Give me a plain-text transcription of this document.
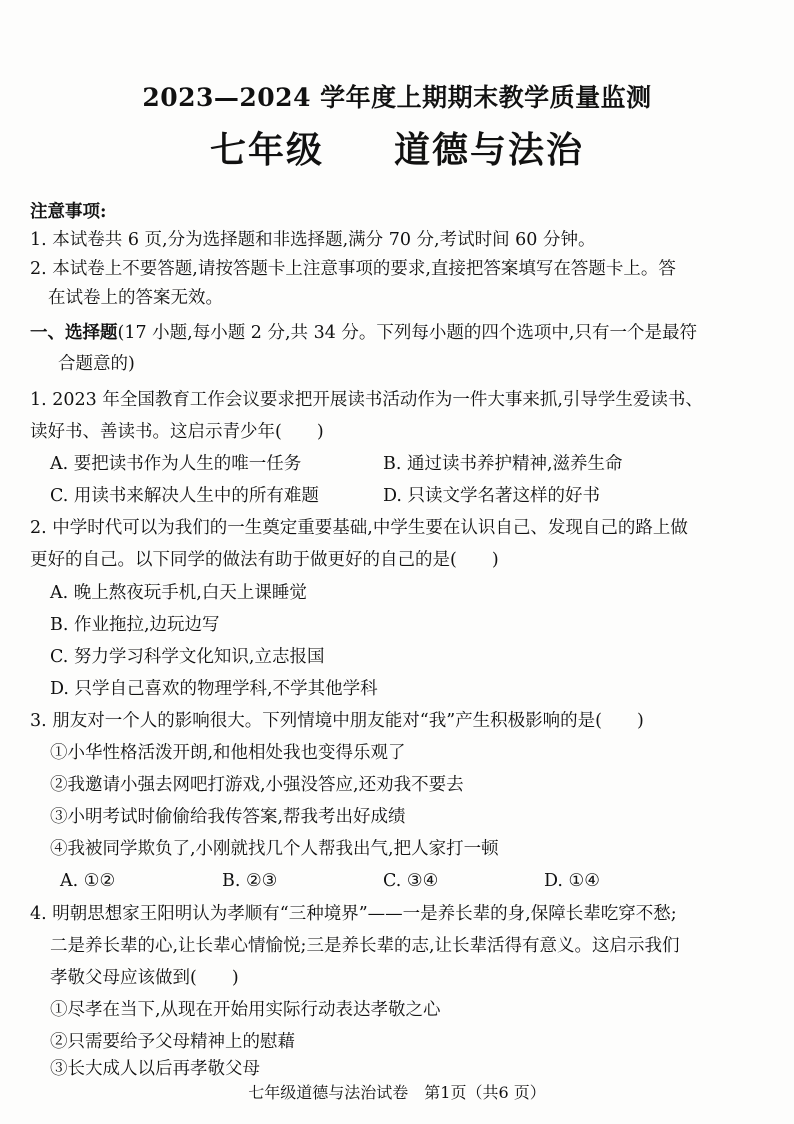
2023—2024 学年度上期期末教学质量监测
七年级 道德与法治
注意事项:
1. 本试卷共 6 页,分为选择题和非选择题,满分 70 分,考试时间 60 分钟。
2. 本试卷上不要答题,请按答题卡上注意事项的要求,直接把答案填写在答题卡上。答
在试卷上的答案无效。
一、选择题(17 小题,每小题 2 分,共 34 分。下列每小题的四个选项中,只有一个是最符
合题意的)
1. 2023 年全国教育工作会议要求把开展读书活动作为一件大事来抓,引导学生爱读书、
读好书、善读书。这启示青少年(　　)
A. 要把读书作为人生的唯一任务	B. 通过读书养护精神,滋养生命
C. 用读书来解决人生中的所有难题	D. 只读文学名著这样的好书
2. 中学时代可以为我们的一生奠定重要基础,中学生要在认识自己、发现自己的路上做
更好的自己。以下同学的做法有助于做更好的自己的是(　　)
A. 晚上熬夜玩手机,白天上课睡觉
B. 作业拖拉,边玩边写
C. 努力学习科学文化知识,立志报国
D. 只学自己喜欢的物理学科,不学其他学科
3. 朋友对一个人的影响很大。下列情境中朋友能对“我”产生积极影响的是(　　)
①小华性格活泼开朗,和他相处我也变得乐观了
②我邀请小强去网吧打游戏,小强没答应,还劝我不要去
③小明考试时偷偷给我传答案,帮我考出好成绩
④我被同学欺负了,小刚就找几个人帮我出气,把人家打一顿
A. ①②	B. ②③	C. ③④	D. ①④
4. 明朝思想家王阳明认为孝顺有“三种境界”——一是养长辈的身,保障长辈吃穿不愁;
二是养长辈的心,让长辈心情愉悦;三是养长辈的志,让长辈活得有意义。这启示我们
孝敬父母应该做到(　　)
①尽孝在当下,从现在开始用实际行动表达孝敬之心
②只需要给予父母精神上的慰藉
③长大成人以后再孝敬父母
七年级道德与法治试卷　第1页（共6 页）
